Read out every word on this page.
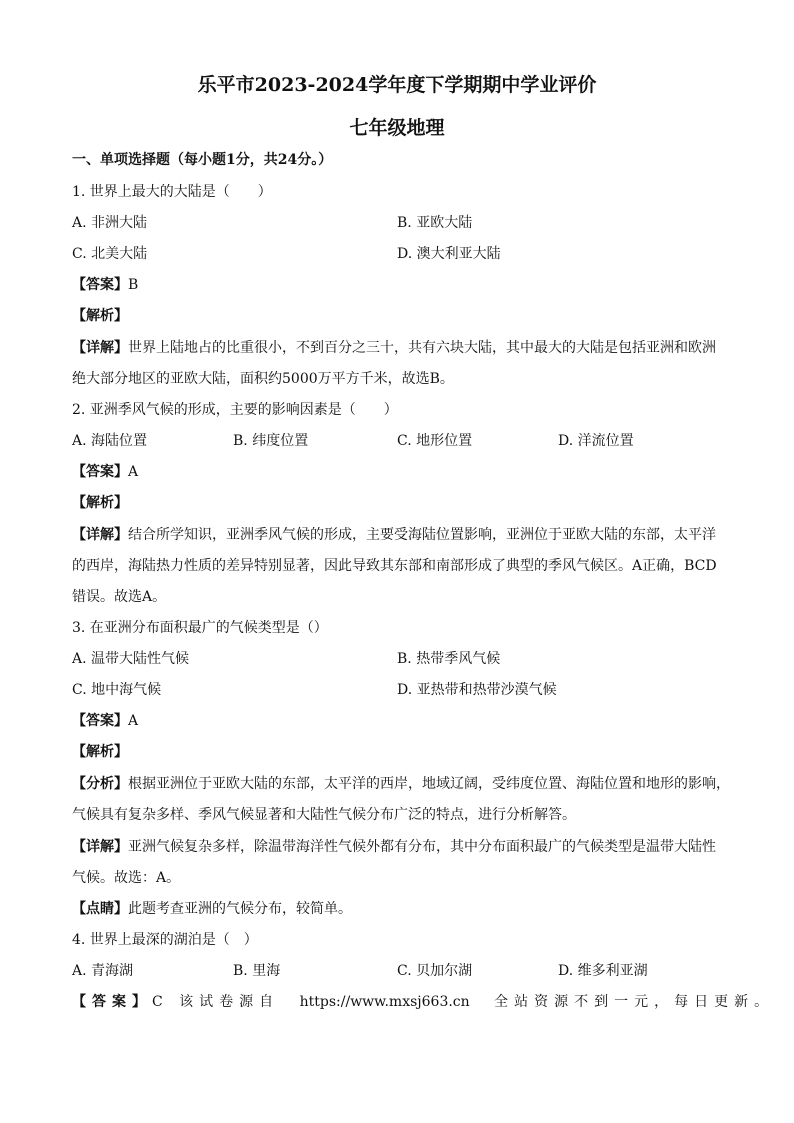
乐平市2023-2024学年度下学期期中学业评价
七年级地理
一、单项选择题（每小题1分，共24分。）
1. 世界上最大的大陆是（　　）
A. 非洲大陆	B. 亚欧大陆
C. 北美大陆	D. 澳大利亚大陆
【答案】B
【解析】
【详解】世界上陆地占的比重很小，不到百分之三十，共有六块大陆，其中最大的大陆是包括亚洲和欧洲
绝大部分地区的亚欧大陆，面积约5000万平方千米，故选B。
2. 亚洲季风气候的形成，主要的影响因素是（　　）
A. 海陆位置	B. 纬度位置	C. 地形位置	D. 洋流位置
【答案】A
【解析】
【详解】结合所学知识，亚洲季风气候的形成，主要受海陆位置影响，亚洲位于亚欧大陆的东部，太平洋
的西岸，海陆热力性质的差异特别显著，因此导致其东部和南部形成了典型的季风气候区。A正确，BCD
错误。故选A。
3. 在亚洲分布面积最广的气候类型是（）
A. 温带大陆性气候	B. 热带季风气候
C. 地中海气候	D. 亚热带和热带沙漠气候
【答案】A
【解析】
【分析】根据亚洲位于亚欧大陆的东部，太平洋的西岸，地域辽阔，受纬度位置、海陆位置和地形的影响，
气候具有复杂多样、季风气候显著和大陆性气候分布广泛的特点，进行分析解答。
【详解】亚洲气候复杂多样，除温带海洋性气候外都有分布，其中分布面积最广的气候类型是温带大陆性
气候。故选：A。
【点睛】此题考查亚洲的气候分布，较简单。
4. 世界上最深的湖泊是（　）
A. 青海湖	B. 里海	C. 贝加尔湖	D. 维多利亚湖
【答案】C 该试卷源自 https://www.mxsj663.cn 全站资源不到一元，每日更新。
